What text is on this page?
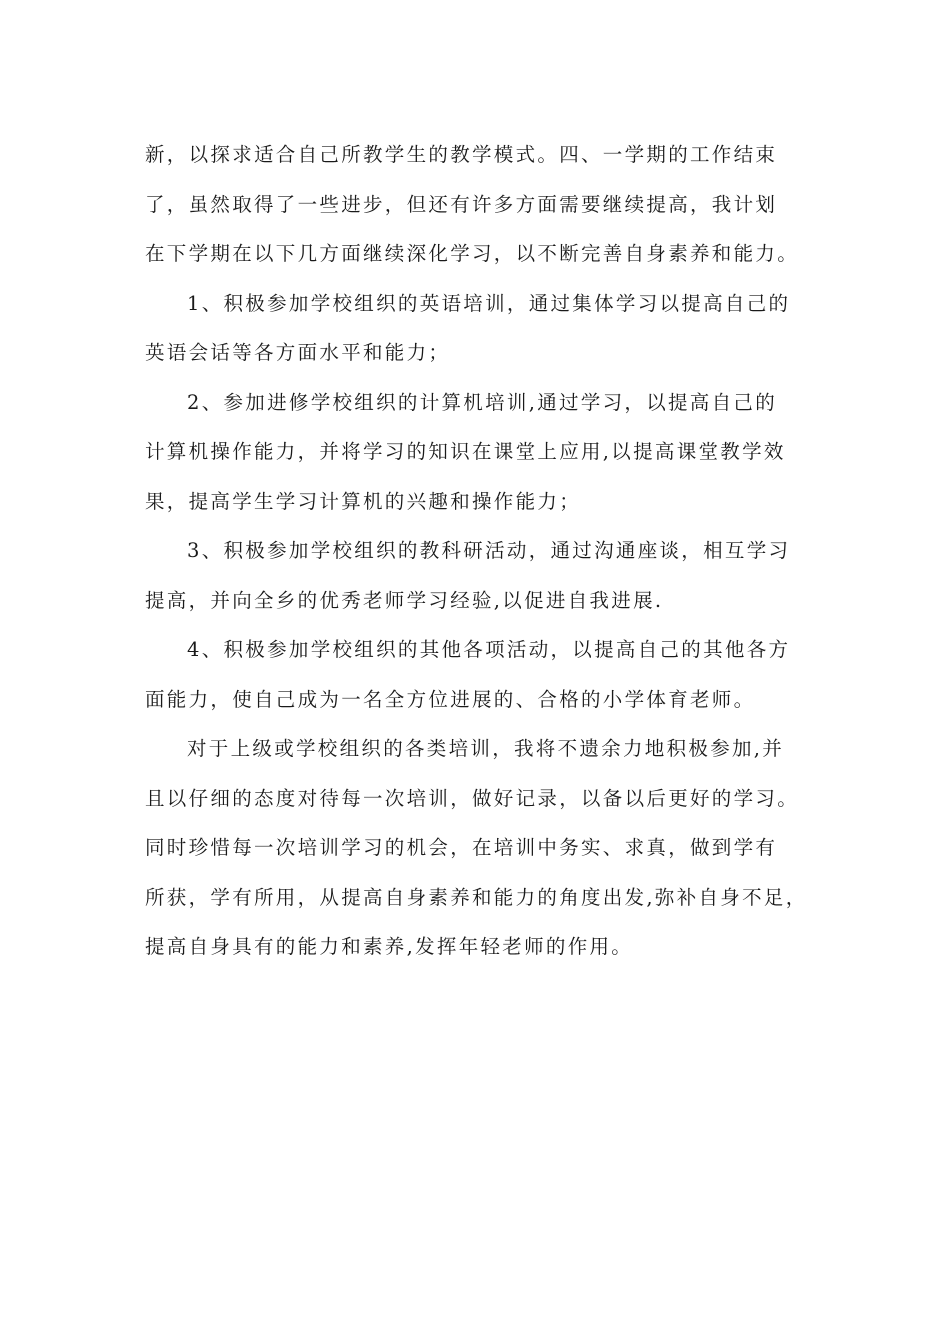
新，以探求适合自己所教学生的教学模式。四、一学期的工作结束
了，虽然取得了一些进步，但还有许多方面需要继续提高，我计划
在下学期在以下几方面继续深化学习，以不断完善自身素养和能力。
1、积极参加学校组织的英语培训，通过集体学习以提高自己的
英语会话等各方面水平和能力；
2、参加进修学校组织的计算机培训,通过学习，以提高自己的
计算机操作能力，并将学习的知识在课堂上应用,以提高课堂教学效
果，提高学生学习计算机的兴趣和操作能力；
3、积极参加学校组织的教科研活动，通过沟通座谈，相互学习
提高，并向全乡的优秀老师学习经验,以促进自我进展.
4、积极参加学校组织的其他各项活动，以提高自己的其他各方
面能力，使自己成为一名全方位进展的、合格的小学体育老师。
对于上级或学校组织的各类培训，我将不遗余力地积极参加,并
且以仔细的态度对待每一次培训，做好记录，以备以后更好的学习。
同时珍惜每一次培训学习的机会，在培训中务实、求真，做到学有
所获，学有所用，从提高自身素养和能力的角度出发,弥补自身不足，
提高自身具有的能力和素养,发挥年轻老师的作用。
